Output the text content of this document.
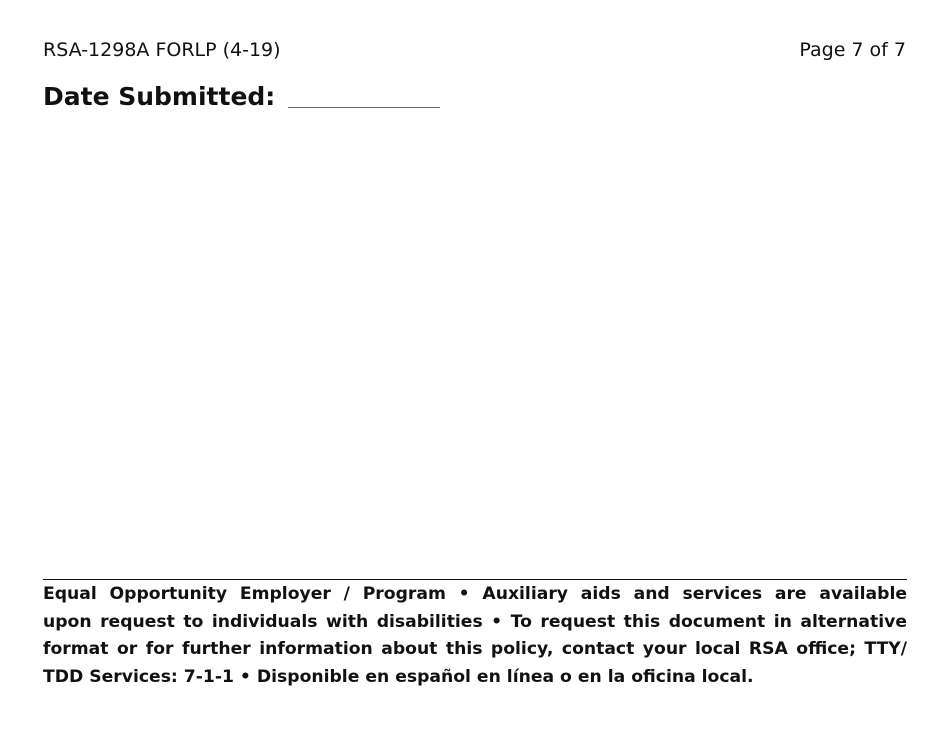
RSA-1298A FORLP (4-19)	Page 7 of 7
Date Submitted:
Equal Opportunity Employer / Program • Auxiliary aids and services are available
upon request to individuals with disabilities • To request this document in alternative
format or for further information about this policy, contact your local RSA office; TTY/
TDD Services: 7-1-1 • Disponible en español en línea o en la oficina local.
